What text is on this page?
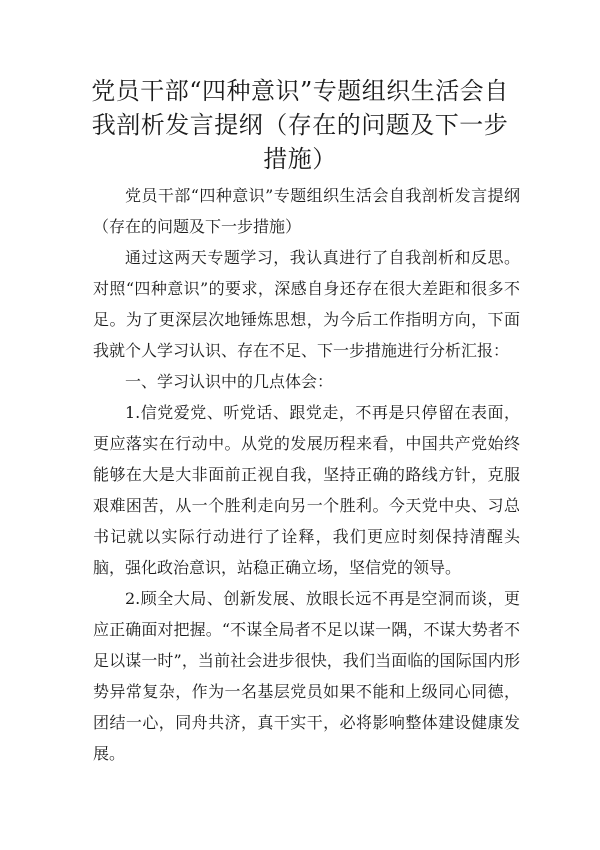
党员干部“四种意识”专题组织生活会自我剖析发言提纲（存在的问题及下一步措施）

党员干部“四种意识”专题组织生活会自我剖析发言提纲（存在的问题及下一步措施）

通过这两天专题学习，我认真进行了自我剖析和反思。对照“四种意识”的要求，深感自身还存在很大差距和很多不足。为了更深层次地锤炼思想，为今后工作指明方向，下面我就个人学习认识、存在不足、下一步措施进行分析汇报：

一、学习认识中的几点体会：

1.信党爱党、听党话、跟党走，不再是只停留在表面，更应落实在行动中。从党的发展历程来看，中国共产党始终能够在大是大非面前正视自我，坚持正确的路线方针，克服艰难困苦，从一个胜利走向另一个胜利。今天党中央、习总书记就以实际行动进行了诠释，我们更应时刻保持清醒头脑，强化政治意识，站稳正确立场，坚信党的领导。

2.顾全大局、创新发展、放眼长远不再是空洞而谈，更应正确面对把握。“不谋全局者不足以谋一隅，不谋大势者不足以谋一时”，当前社会进步很快，我们当面临的国际国内形势异常复杂，作为一名基层党员如果不能和上级同心同德，团结一心，同舟共济，真干实干，必将影响整体建设健康发展。
